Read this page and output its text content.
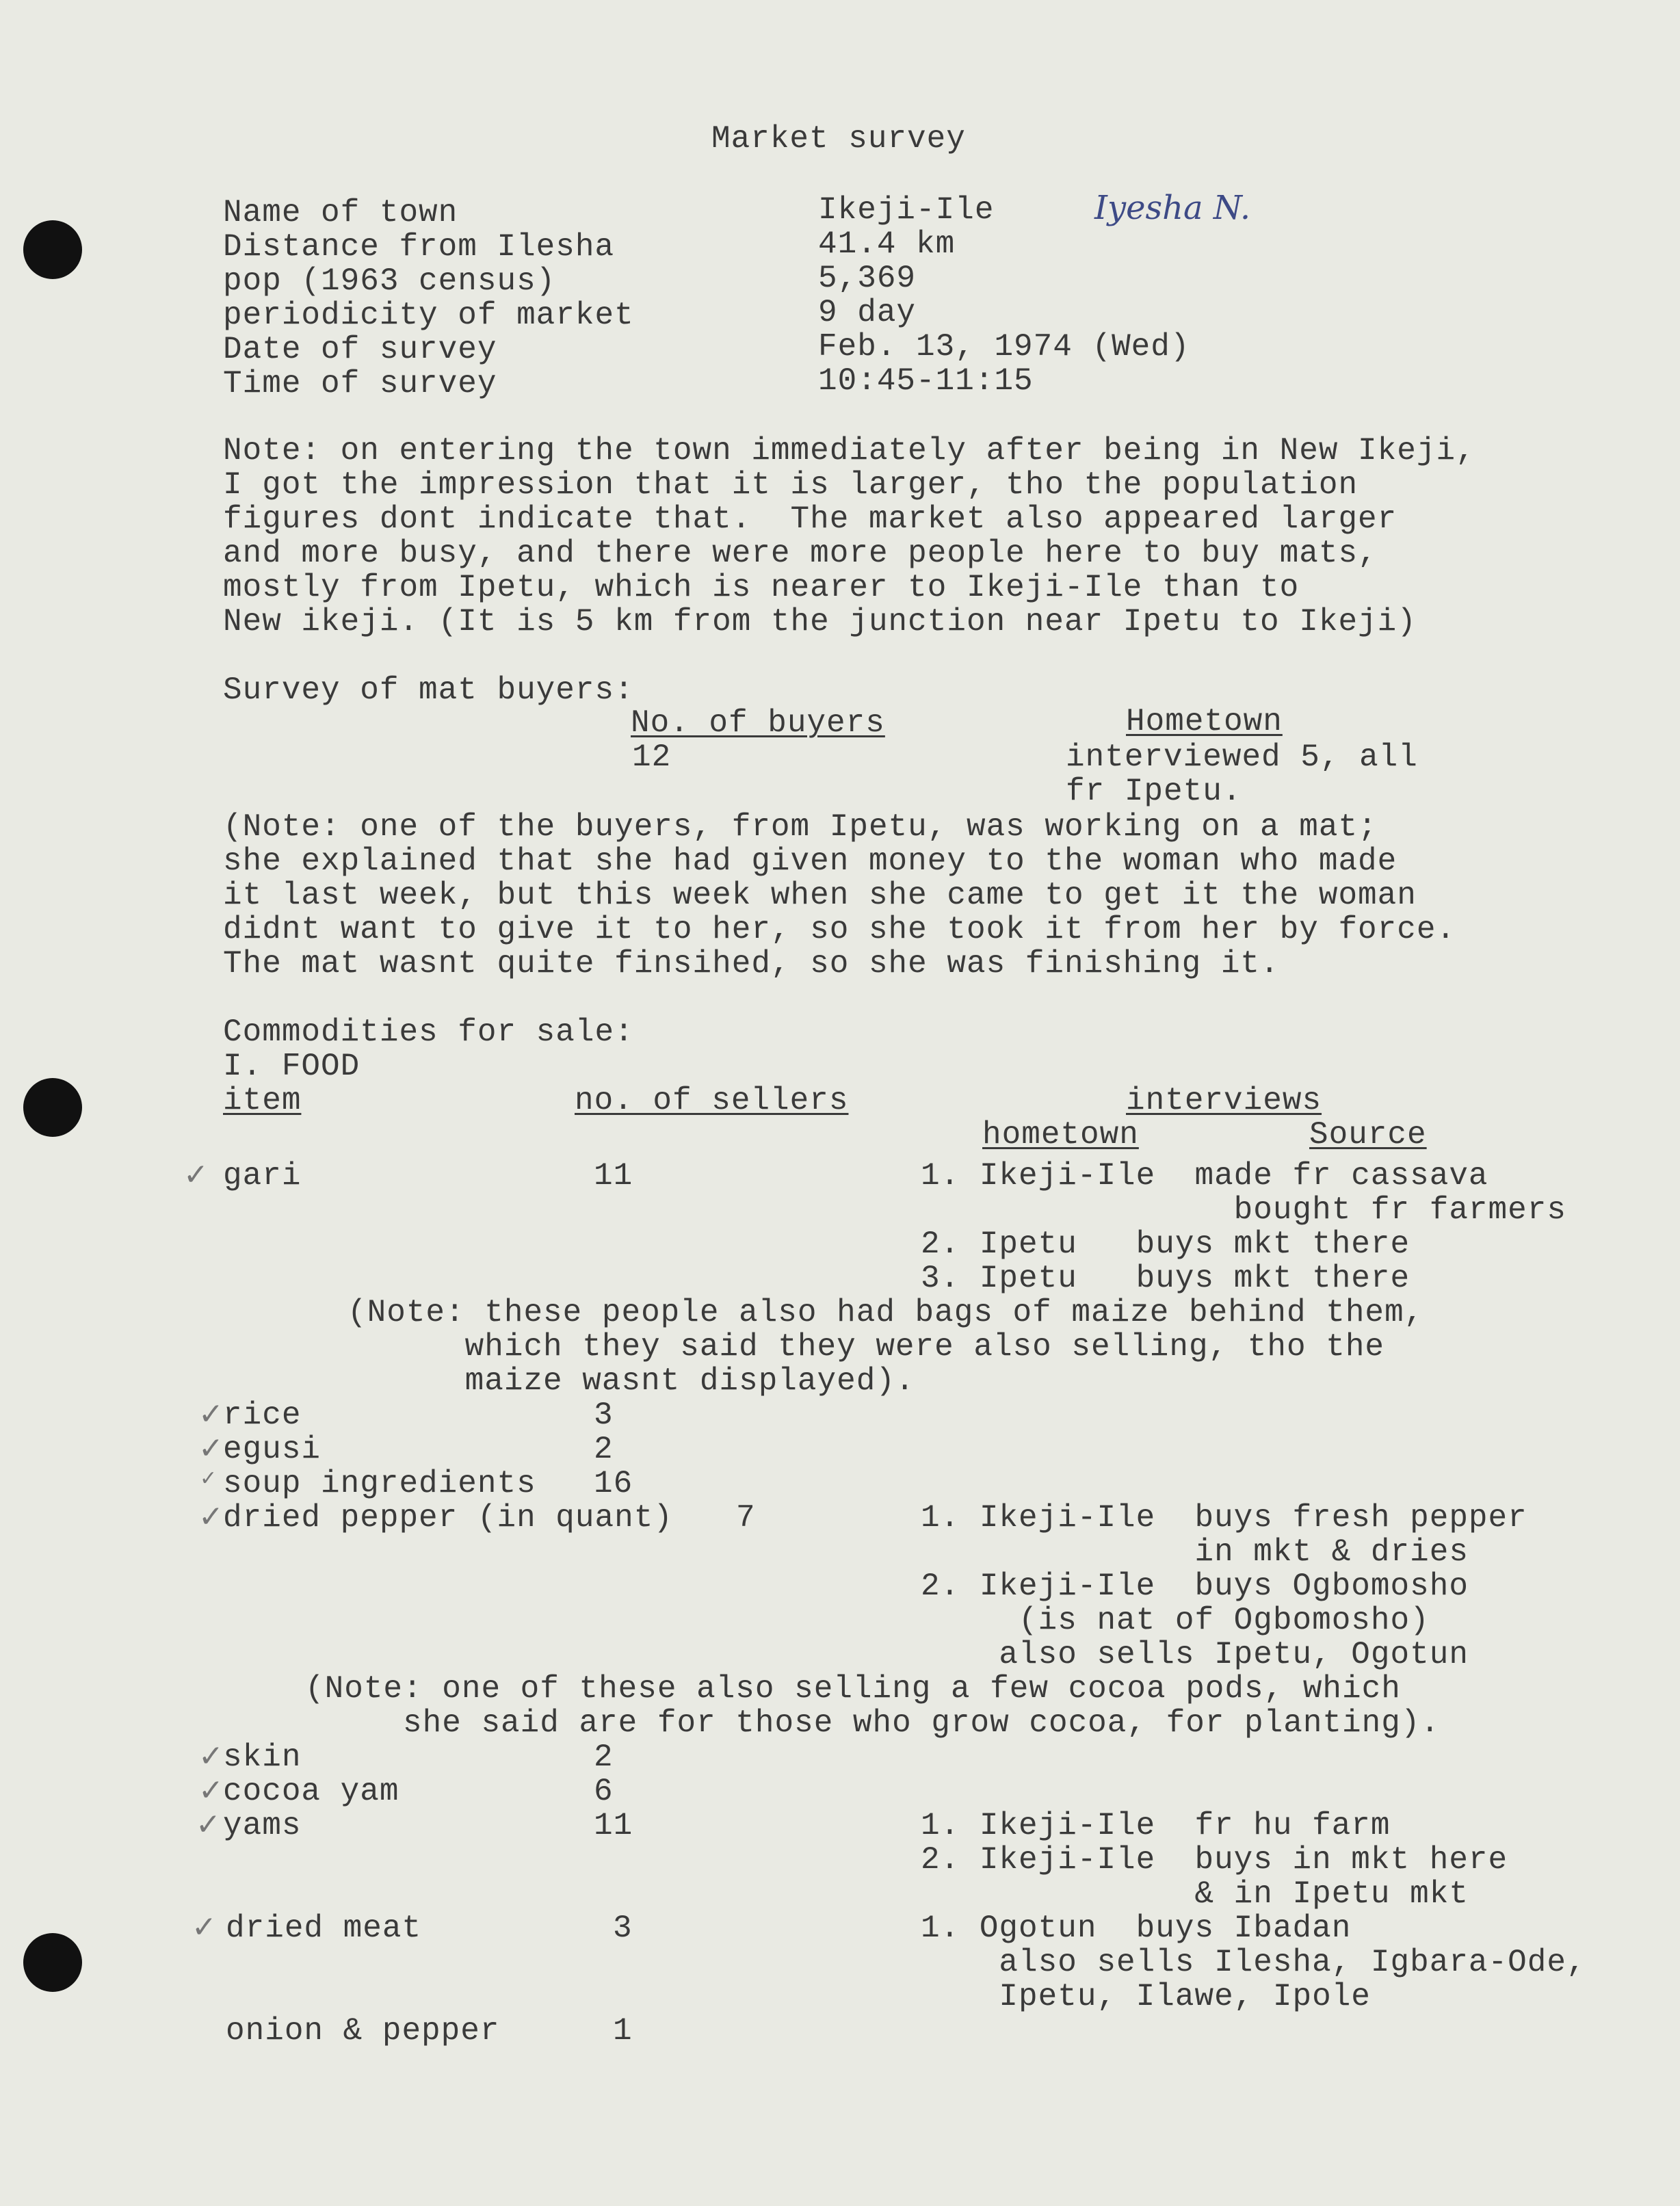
Market survey
Name of town	Ikeji-Ile	Iyesha N.
Distance from Ilesha	41.4 km
pop (1963 census)	5,369
periodicity of market	9 day
Date of survey	Feb. 13, 1974 (Wed)
Time of survey	10:45-11:15
Note: on entering the town immediately after being in New Ikeji,
I got the impression that it is larger, tho the population
figures dont indicate that.  The market also appeared larger
and more busy, and there were more people here to buy mats,
mostly from Ipetu, which is nearer to Ikeji-Ile than to
New ikeji. (It is 5 km from the junction near Ipetu to Ikeji)
Survey of mat buyers:
No. of buyers	Hometown
12	interviewed 5, all
fr Ipetu.
(Note: one of the buyers, from Ipetu, was working on a mat;
she explained that she had given money to the woman who made
it last week, but this week when she came to get it the woman
didnt want to give it to her, so she took it from her by force.
The mat wasnt quite finsihed, so she was finishing it.
Commodities for sale:
I. FOOD
item	no. of sellers	interviews
hometown	Source
✓ gari	11	1. Ikeji-Ile  made fr cassava
bought fr farmers
2. Ipetu   buys mkt there
3. Ipetu   buys mkt there
(Note: these people also had bags of maize behind them,
which they said they were also selling, tho the
maize wasnt displayed).
✓ rice	3
✓ egusi	2
✓ soup ingredients 16
✓ dried pepper (in quant) 7	1. Ikeji-Ile  buys fresh pepper
in mkt & dries
2. Ikeji-Ile  buys Ogbomosho
(is nat of Ogbomosho)
also sells Ipetu, Ogotun
(Note: one of these also selling a few cocoa pods, which
she said are for those who grow cocoa, for planting).
✓ skin	2
✓ cocoa yam	6
✓ yams	11	1. Ikeji-Ile  fr hu farm
2. Ikeji-Ile  buys in mkt here
& in Ipetu mkt
✓ dried meat	3	1. Ogotun  buys Ibadan
also sells Ilesha, Igbara-Ode,
Ipetu, Ilawe, Ipole
onion & pepper	1
